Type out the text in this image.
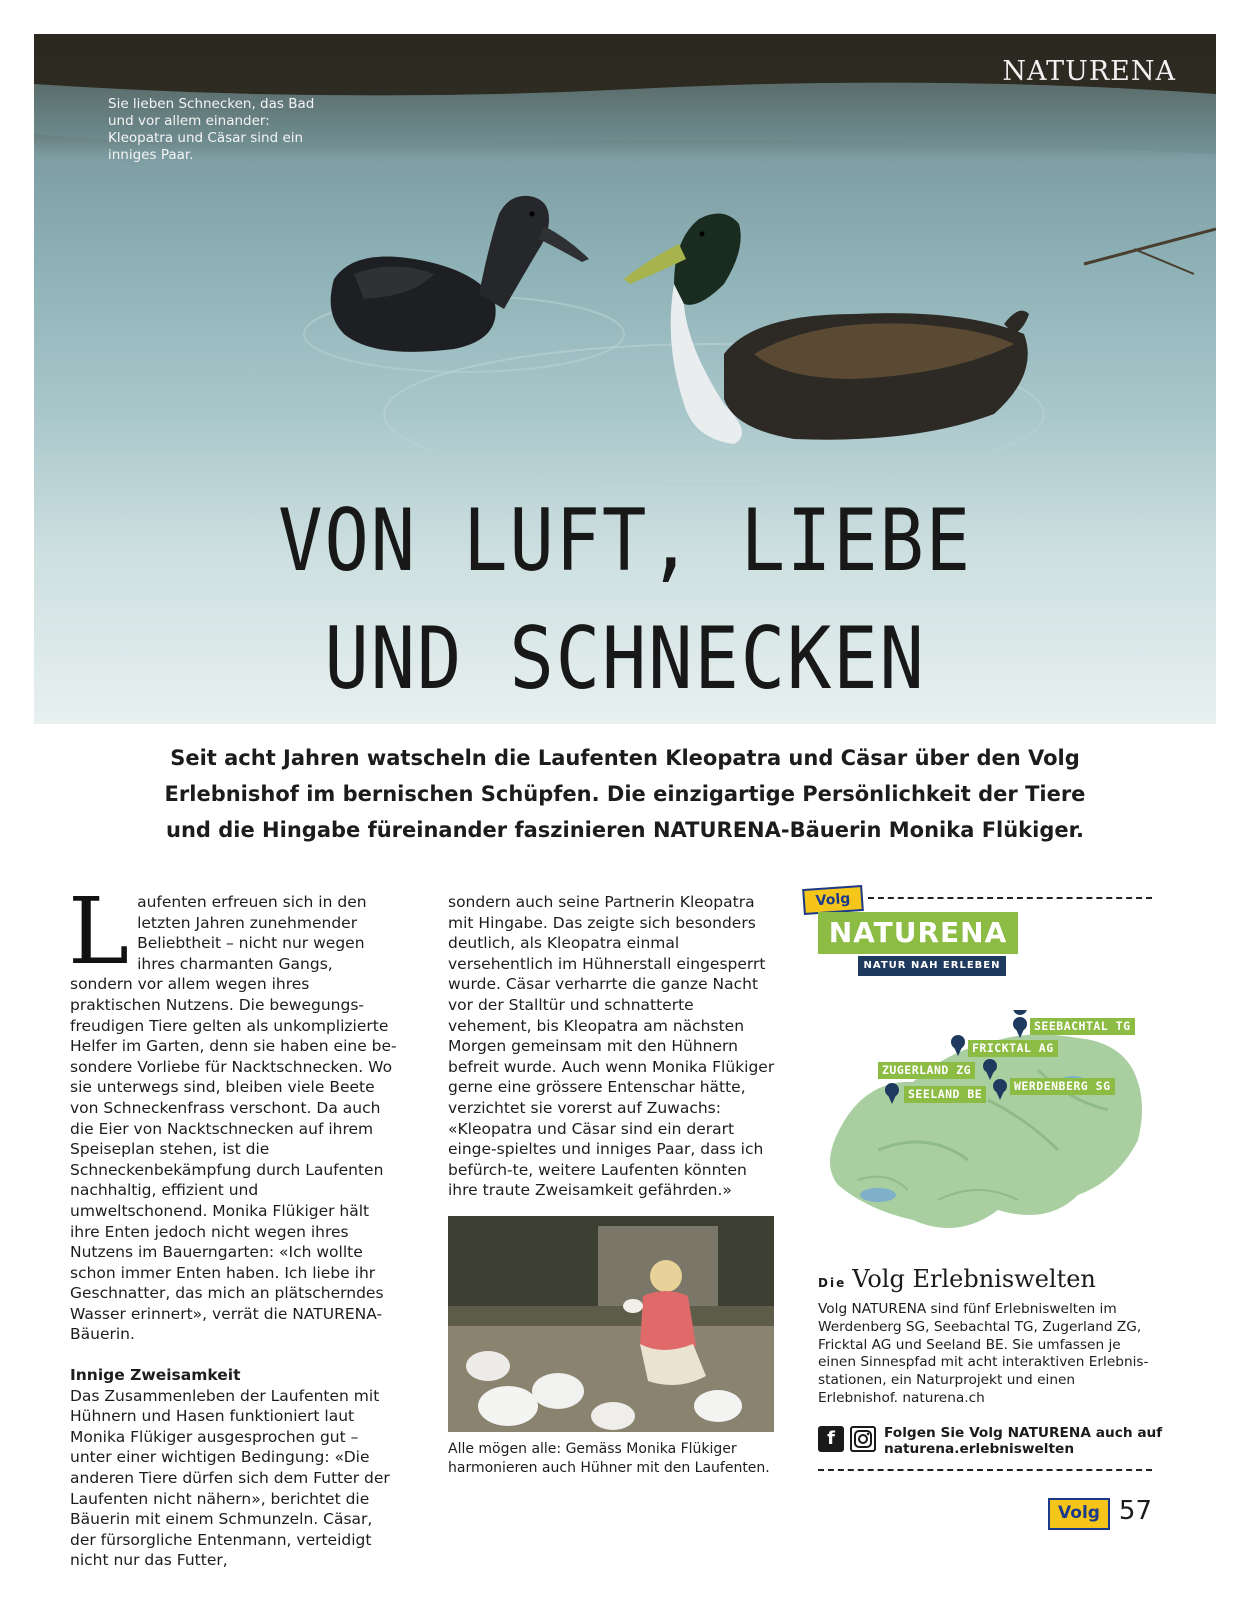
NATURENA
Sie lieben Schnecken, das Bad und vor allem einander: Kleopatra und Cäsar sind ein inniges Paar.
VON LUFT, LIEBE
UND SCHNECKEN
Seit acht Jahren watscheln die Laufenten Kleopatra und Cäsar über den Volg Erlebnishof im bernischen Schüpfen. Die einzigartige Persönlichkeit der Tiere und die Hingabe füreinander faszinieren NATURENA-Bäuerin Monika Flükiger.
L aufenten erfreuen sich in den letzten Jahren zunehmender Beliebtheit – nicht nur wegen ihres charmanten Gangs, sondern vor allem wegen ihres praktischen Nutzens. Die bewegungs-freudigen Tiere gelten als unkomplizierte Helfer im Garten, denn sie haben eine be-sondere Vorliebe für Nacktschnecken. Wo sie unterwegs sind, bleiben viele Beete von Schneckenfrass verschont. Da auch die Eier von Nacktschnecken auf ihrem Speiseplan stehen, ist die Schneckenbekämpfung durch Laufenten nachhaltig, effizient und umweltschonend. Monika Flükiger hält ihre Enten jedoch nicht wegen ihres Nutzens im Bauerngarten: «Ich wollte schon immer Enten haben. Ich liebe ihr Geschnatter, das mich an plätscherndes Wasser erinnert», verrät die NATURENA-Bäuerin.

Innige Zweisamkeit

Das Zusammenleben der Laufenten mit Hühnern und Hasen funktioniert laut Monika Flükiger ausgesprochen gut – unter einer wichtigen Bedingung: «Die anderen Tiere dürfen sich dem Futter der Laufenten nicht nähern», berichtet die Bäuerin mit einem Schmunzeln. Cäsar, der fürsorgliche Entenmann, verteidigt nicht nur das Futter,

sondern auch seine Partnerin Kleopatra mit Hingabe. Das zeigte sich besonders deutlich, als Kleopatra einmal versehentlich im Hühnerstall eingesperrt wurde. Cäsar verharrte die ganze Nacht vor der Stalltür und schnatterte vehement, bis Kleopatra am nächsten Morgen gemeinsam mit den Hühnern befreit wurde. Auch wenn Monika Flükiger gerne eine grössere Entenschar hätte, verzichtet sie vorerst auf Zuwachs: «Kleopatra und Cäsar sind ein derart einge-spieltes und inniges Paar, dass ich befürch-te, weitere Laufenten könnten ihre traute Zweisamkeit gefährden.»

Alle mögen alle: Gemäss Monika Flükiger harmonieren auch Hühner mit den Laufenten.
Volg
NATURENA
NATUR NAH ERLEBEN
SEEBACHTAL TG
FRICKTAL AG
ZUGERLAND ZG
WERDENBERG SG
SEELAND BE
Die Volg Erlebniswelten
Volg NATURENA sind fünf Erlebniswelten im Werdenberg SG, Seebachtal TG, Zugerland ZG, Fricktal AG und Seeland BE. Sie umfassen je einen Sinnespfad mit acht interaktiven Erlebnis-stationen, ein Naturprojekt und einen Erlebnishof. naturena.ch
f	Folgen Sie Volg NATURENA auch auf naturena.erlebniswelten
Volg 57
